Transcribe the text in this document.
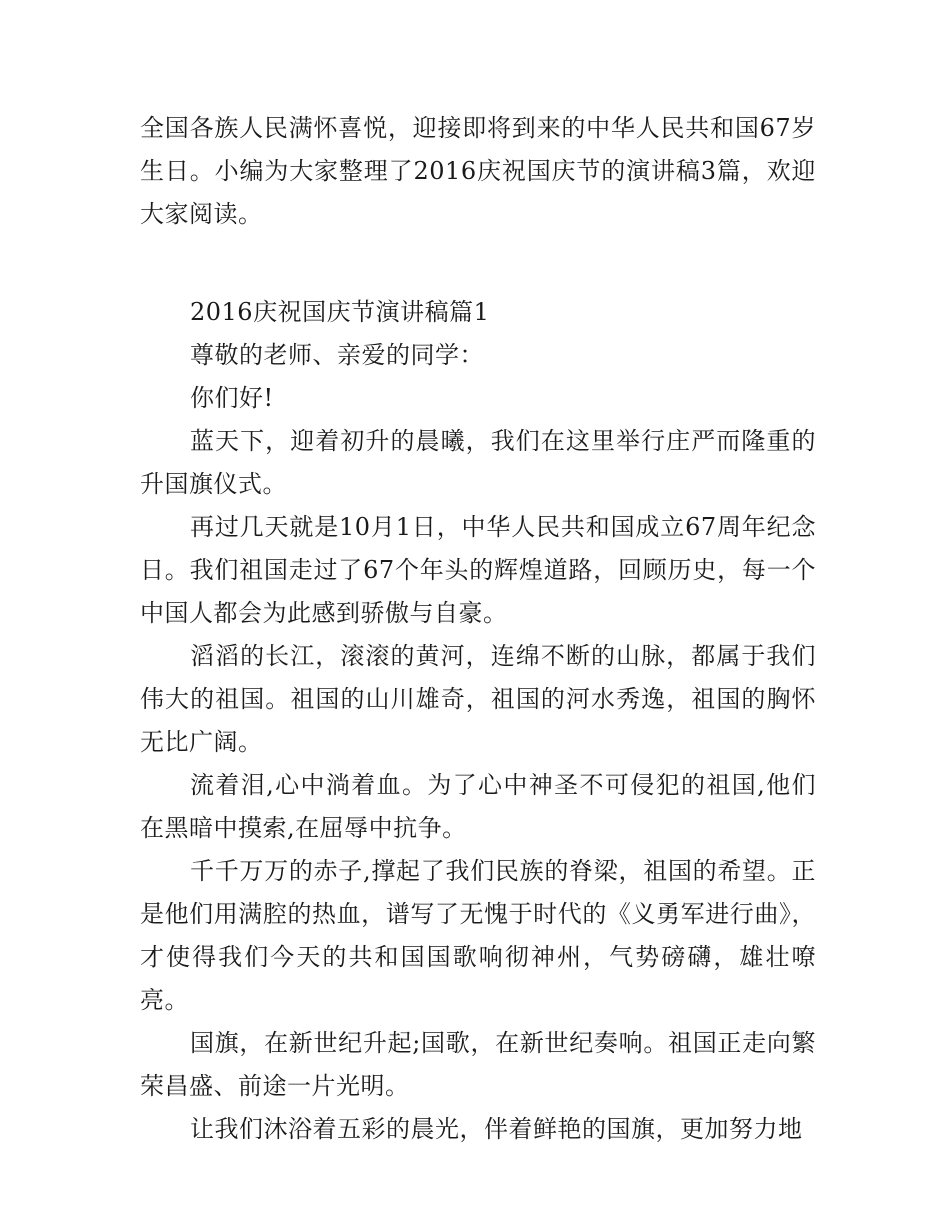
全国各族人民满怀喜悦，迎接即将到来的中华人民共和国67岁生日。小编为大家整理了2016庆祝国庆节的演讲稿3篇，欢迎大家阅读。

2016庆祝国庆节演讲稿篇1

尊敬的老师、亲爱的同学：

你们好!

蓝天下，迎着初升的晨曦，我们在这里举行庄严而隆重的升国旗仪式。

再过几天就是10月1日，中华人民共和国成立67周年纪念日。我们祖国走过了67个年头的辉煌道路，回顾历史，每一个中国人都会为此感到骄傲与自豪。

滔滔的长江，滚滚的黄河，连绵不断的山脉，都属于我们伟大的祖国。祖国的山川雄奇，祖国的河水秀逸，祖国的胸怀无比广阔。

流着泪,心中淌着血。为了心中神圣不可侵犯的祖国,他们在黑暗中摸索,在屈辱中抗争。

千千万万的赤子,撑起了我们民族的脊梁，祖国的希望。正是他们用满腔的热血，谱写了无愧于时代的《义勇军进行曲》，才使得我们今天的共和国国歌响彻神州，气势磅礴，雄壮嘹亮。

国旗，在新世纪升起;国歌，在新世纪奏响。祖国正走向繁荣昌盛、前途一片光明。

让我们沐浴着五彩的晨光，伴着鲜艳的国旗，更加努力地
